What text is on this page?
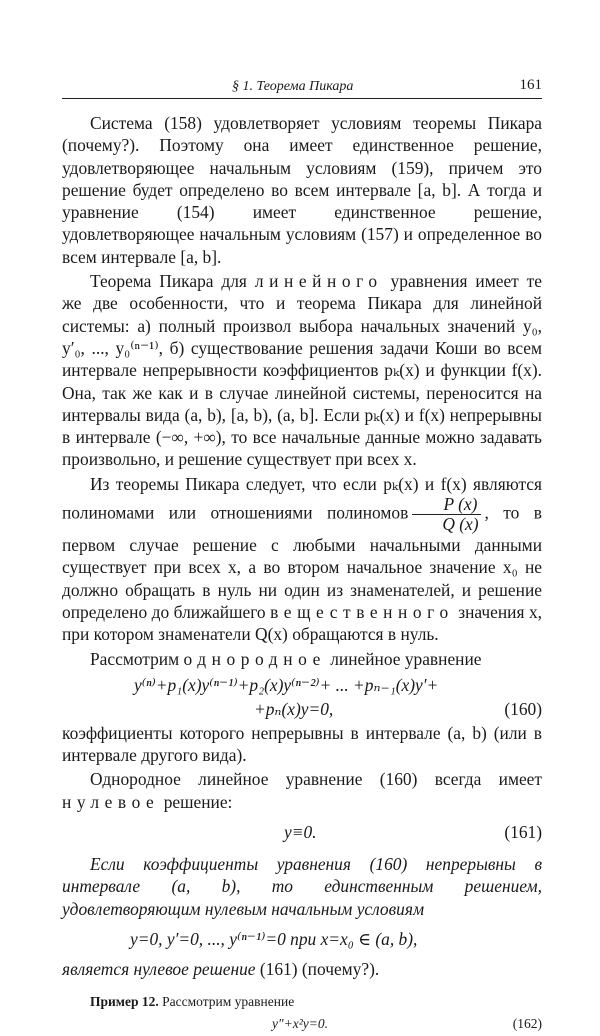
§ 1. Теорема Пикара	161

Система (158) удовлетворяет условиям теоремы Пикара (почему?). Поэтому она имеет единственное решение, удовлетворяющее начальным условиям (159), причем это решение будет определено во всем интервале [a, b]. А тогда и уравнение (154) имеет единственное решение, удовлетворяющее начальным условиям (157) и определенное во всем интервале [a, b].

Теорема Пикара для линейного уравнения имеет те же две особенности, что и теорема Пикара для линейной системы: а) полный произвол выбора начальных значений y₀, y′₀, ..., y₀⁽ⁿ⁻¹⁾, б) существование решения задачи Коши во всем интервале непрерывности коэффициентов pₖ(x) и функции f(x). Она, так же как и в случае линейной системы, переносится на интервалы вида (a, b), [a, b), (a, b]. Если pₖ(x) и f(x) непрерывны в интервале (−∞, +∞), то все начальные данные можно задавать произвольно, и решение существует при всех x.

Из теоремы Пикара следует, что если pₖ(x) и f(x) являются полиномами или отношениями полиномов $\frac{P (x)}{Q (x)}$ , то в первом случае решение с любыми начальными данными существует при всех x, а во втором начальное значение x₀ не должно обращать в нуль ни один из знаменателей, и решение определено до ближайшего вещественного значения x, при котором знаменатели Q(x) обращаются в нуль.

Рассмотрим однородное линейное уравнение

y⁽ⁿ⁾+p₁(x)y⁽ⁿ⁻¹⁾+p₂(x)y⁽ⁿ⁻²⁾+ ... +pₙ₋₁(x)y′+
+pₙ(x)y=0,	(160)

коэффициенты которого непрерывны в интервале (a, b) (или в интервале другого вида).

Однородное линейное уравнение (160) всегда имеет нулевое решение:

y≡0.	(161)

Если коэффициенты уравнения (160) непрерывны в интервале (a, b), то единственным решением, удовлетворяющим нулевым начальным условиям

y=0, y′=0, ..., y⁽ⁿ⁻¹⁾=0 при x=x₀ ∈ (a, b),

является нулевое решение (161) (почему?).

Пример 12. Рассмотрим уравнение

y″+x²y=0.	(162)
